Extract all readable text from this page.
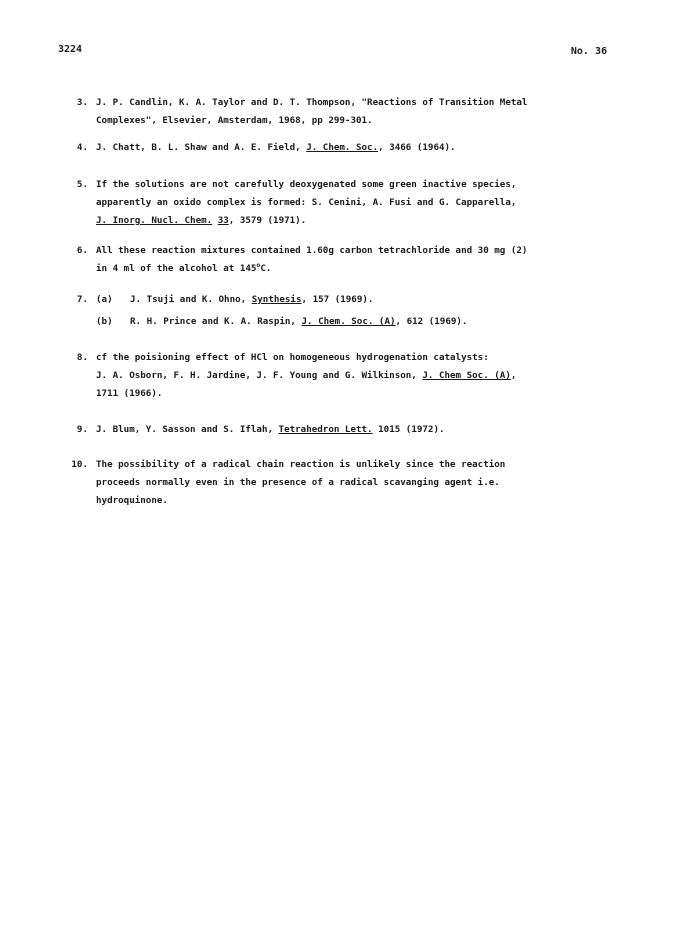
3224	No. 36
3. J. P. Candlin, K. A. Taylor and D. T. Thompson, "Reactions of Transition Metal
Complexes", Elsevier, Amsterdam, 1968, pp 299-301.
4. J. Chatt, B. L. Shaw and A. E. Field, J. Chem. Soc., 3466 (1964).
5. If the solutions are not carefully deoxygenated some green inactive species,
apparently an oxido complex is formed: S. Cenini, A. Fusi and G. Capparella,
J. Inorg. Nucl. Chem. 33, 3579 (1971).
6. All these reaction mixtures contained 1.60g carbon tetrachloride and 30 mg (2)
in 4 ml of the alcohol at 145$^o$C.
7. (a) J. Tsuji and K. Ohno, Synthesis, 157 (1969).
(b) R. H. Prince and K. A. Raspin, J. Chem. Soc. (A), 612 (1969).
8. cf the poisioning effect of HCl on homogeneous hydrogenation catalysts:
J. A. Osborn, F. H. Jardine, J. F. Young and G. Wilkinson, J. Chem Soc. (A),
1711 (1966).
9. J. Blum, Y. Sasson and S. Iflah, Tetrahedron Lett. 1015 (1972).
10. The possibility of a radical chain reaction is unlikely since the reaction
proceeds normally even in the presence of a radical scavanging agent i.e.
hydroquinone.
